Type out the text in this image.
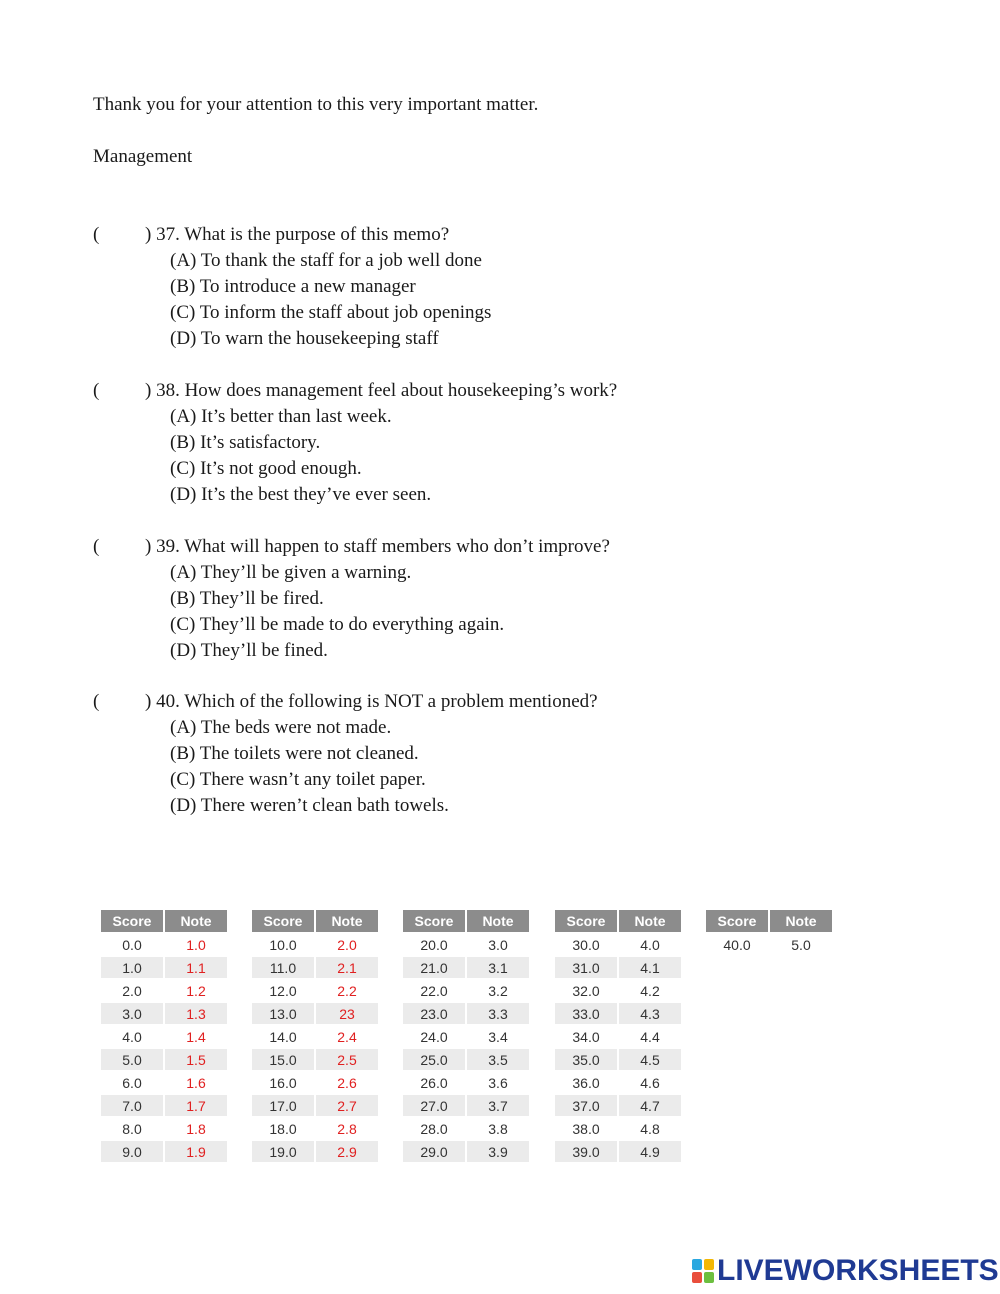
Thank you for your attention to this very important matter.
Management
(	) 37. What is the purpose of this memo?
(A) To thank the staff for a job well done
(B) To introduce a new manager
(C) To inform the staff about job openings
(D) To warn the housekeeping staff
(	) 38. How does management feel about housekeeping’s work?
(A) It’s better than last week.
(B) It’s satisfactory.
(C) It’s not good enough.
(D) It’s the best they’ve ever seen.
(	) 39. What will happen to staff members who don’t improve?
(A) They’ll be given a warning.
(B) They’ll be fired.
(C) They’ll be made to do everything again.
(D) They’ll be fined.
(	) 40. Which of the following is NOT a problem mentioned?
(A) The beds were not made.
(B) The toilets were not cleaned.
(C) There wasn’t any toilet paper.
(D) There weren’t clean bath towels.
Score	Note
0.0	1.0
1.0	1.1
2.0	1.2
3.0	1.3
4.0	1.4
5.0	1.5
6.0	1.6
7.0	1.7
8.0	1.8
9.0	1.9
Score	Note
10.0	2.0
11.0	2.1
12.0	2.2
13.0	23
14.0	2.4
15.0	2.5
16.0	2.6
17.0	2.7
18.0	2.8
19.0	2.9
Score	Note
20.0	3.0
21.0	3.1
22.0	3.2
23.0	3.3
24.0	3.4
25.0	3.5
26.0	3.6
27.0	3.7
28.0	3.8
29.0	3.9
Score	Note
30.0	4.0
31.0	4.1
32.0	4.2
33.0	4.3
34.0	4.4
35.0	4.5
36.0	4.6
37.0	4.7
38.0	4.8
39.0	4.9
Score	Note
40.0	5.0
LIVEWORKSHEETS
